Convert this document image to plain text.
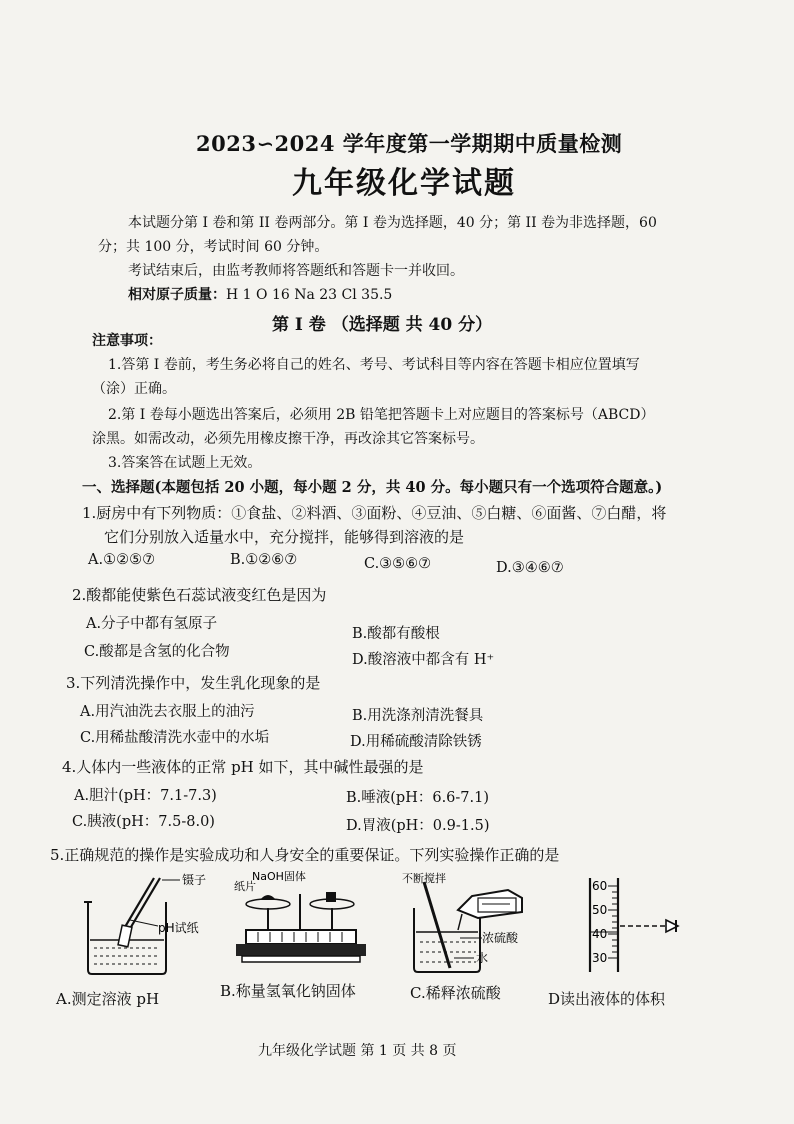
2023∽2024 学年度第一学期期中质量检测
九年级化学试题
本试题分第 I 卷和第 II 卷两部分。第 I 卷为选择题，40 分；第 II 卷为非选择题，60
分；共 100 分，考试时间 60 分钟。
考试结束后，由监考教师将答题纸和答题卡一并收回。
相对原子质量：H 1 O 16 Na 23 Cl 35.5
第 I 卷 （选择题 共 40 分）
注意事项：
1.答第 I 卷前，考生务必将自己的姓名、考号、考试科目等内容在答题卡相应位置填写
（涂）正确。
2.第 I 卷每小题选出答案后，必须用 2B 铅笔把答题卡上对应题目的答案标号（ABCD）
涂黑。如需改动，必须先用橡皮擦干净，再改涂其它答案标号。
3.答案答在试题上无效。
一、选择题(本题包括 20 小题，每小题 2 分，共 40 分。每小题只有一个选项符合题意。)
1.厨房中有下列物质：①食盐、②料酒、③面粉、④豆油、⑤白糖、⑥面酱、⑦白醋，将
它们分别放入适量水中，充分搅拌，能够得到溶液的是
A.①②⑤⑦	B.①②⑥⑦	C.③⑤⑥⑦	D.③④⑥⑦
2.酸都能使紫色石蕊试液变红色是因为
A.分子中都有氢原子
B.酸都有酸根
C.酸都是含氢的化合物	D.酸溶液中都含有 H⁺
3.下列清洗操作中，发生乳化现象的是
A.用汽油洗去衣服上的油污	B.用洗涤剂清洗餐具
C.用稀盐酸清洗水壶中的水垢	D.用稀硫酸清除铁锈
4.人体内一些液体的正常 pH 如下，其中碱性最强的是
A.胆汁(pH：7.1-7.3)	B.唾液(pH：6.6-7.1)
C.胰液(pH：7.5-8.0)	D.胃液(pH：0.9-1.5)
5.正确规范的操作是实验成功和人身安全的重要保证。下列实验操作正确的是
镊子
pH试纸
NaOH固体
纸片
不断搅拌
浓硫酸
水
60
50
40
30
A.测定溶液 pH	B.称量氢氧化钠固体	C.稀释浓硫酸	D读出液体的体积
九年级化学试题 第 1 页 共 8 页
